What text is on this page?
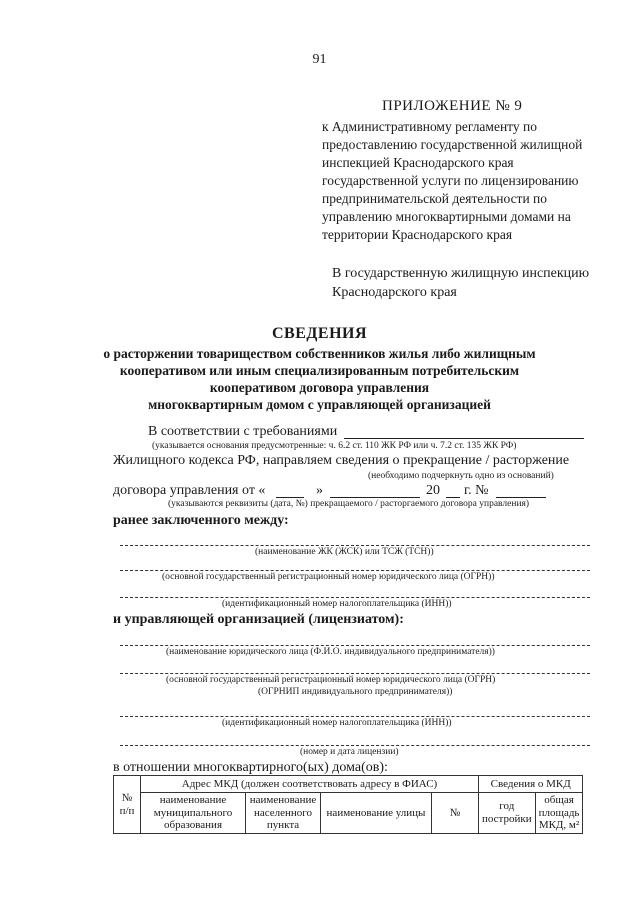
91
ПРИЛОЖЕНИЕ № 9
к Административному регламенту по
предоставлению государственной жилищной
инспекцией Краснодарского края
государственной услуги по лицензированию
предпринимательской деятельности по
управлению многоквартирными домами на
территории Краснодарского края
В государственную жилищную инспекцию
Краснодарского края
СВЕДЕНИЯ
о расторжении товариществом собственников жилья либо жилищным
кооперативом или иным специализированным потребительским
кооперативом договора управления
многоквартирным домом с управляющей организацией
В соответствии с требованиями
(указывается основания предусмотренные: ч. 6.2 ст. 110 ЖК РФ или ч. 7.2 ст. 135 ЖК РФ)
Жилищного кодекса РФ, направляем сведения о прекращение / расторжение
(необходимо подчеркнуть одно из оснований)
договора управления от «	»	20 г. №
(указываются реквизиты (дата, №) прекращаемого / расторгаемого договора управления)
ранее заключенного между:
(наименование ЖК (ЖСК) или ТСЖ (ТСН))
(основной государственный регистрационный номер юридического лица (ОГРН))
(идентификационный номер налогоплательщика (ИНН))
и управляющей организацией (лицензиатом):
(наименование юридического лица (Ф.И.О. индивидуального предпринимателя))
(основной государственный регистрационный номер юридического лица (ОГРН)
(ОГРНИП индивидуального предпринимателя))
(идентификационный номер налогоплательщика (ИНН))
(номер и дата лицензии)
в отношении многоквартирного(ых) дома(ов):
№ п/п	Адрес МКД (должен соответствовать адресу в ФИАС)				Сведения о МКД	
	наименование муниципального образования	наименование населенного пункта	наименование улицы	№	год постройки	общая площадь МКД, м²
